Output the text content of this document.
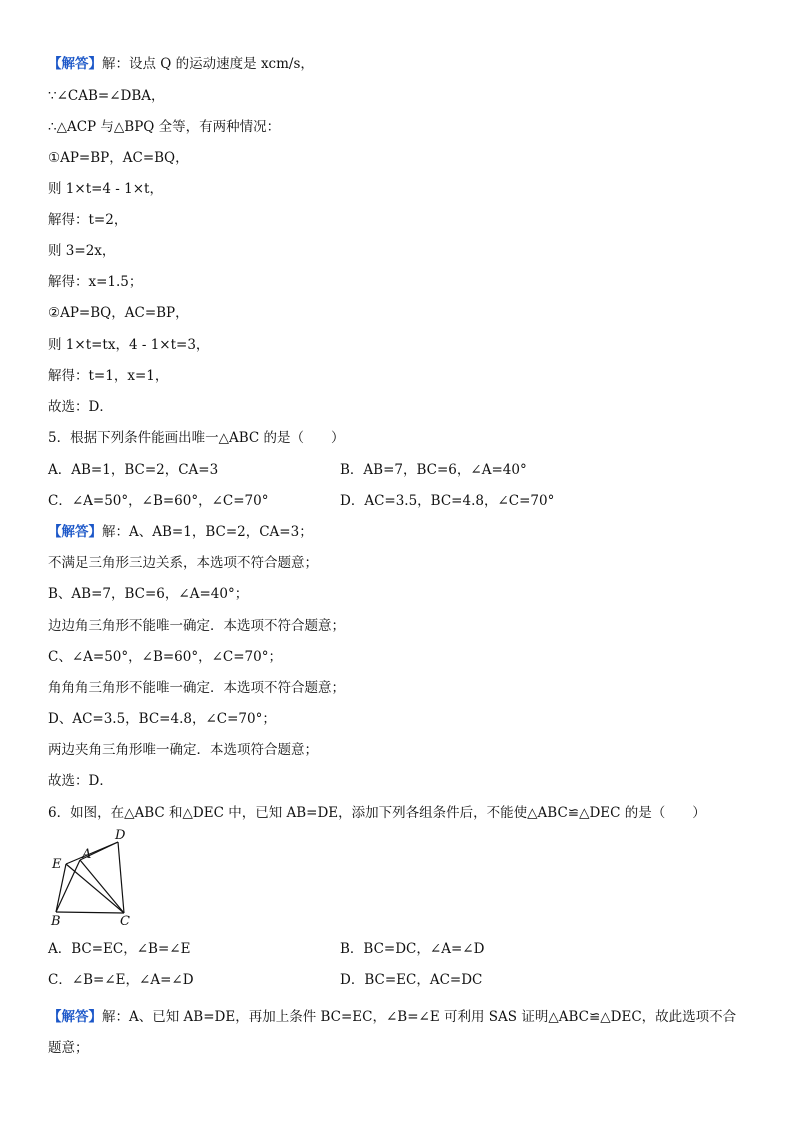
【解答】解：设点 Q 的运动速度是 xcm/s，
∵∠CAB=∠DBA，
∴△ACP 与△BPQ 全等，有两种情况：
①AP=BP，AC=BQ，
则 1×t=4 - 1×t，
解得：t=2，
则 3=2x，
解得：x=1.5；
②AP=BQ，AC=BP，
则 1×t=tx，4 - 1×t=3，
解得：t=1，x=1，
故选：D．
5．根据下列条件能画出唯一△ABC 的是（　　）
A．AB=1，BC=2，CA=3	B．AB=7，BC=6，∠A=40°
C．∠A=50°，∠B=60°，∠C=70°	D．AC=3.5，BC=4.8，∠C=70°
【解答】解：A、AB=1，BC=2，CA=3；
不满足三角形三边关系，本选项不符合题意；
B、AB=7，BC=6，∠A=40°；
边边角三角形不能唯一确定．本选项不符合题意；
C、∠A=50°，∠B=60°，∠C=70°；
角角角三角形不能唯一确定．本选项不符合题意；
D、AC=3.5，BC=4.8，∠C=70°；
两边夹角三角形唯一确定．本选项符合题意；
故选：D．
6．如图，在△ABC 和△DEC 中，已知 AB=DE，添加下列各组条件后，不能使△ABC≌△DEC 的是（　　）
D
E
A
B	C
A．BC=EC，∠B=∠E	B．BC=DC，∠A=∠D
C．∠B=∠E，∠A=∠D	D．BC=EC，AC=DC
【解答】解：A、已知 AB=DE，再加上条件 BC=EC，∠B=∠E 可利用 SAS 证明△ABC≌△DEC，故此选项不合题意；
